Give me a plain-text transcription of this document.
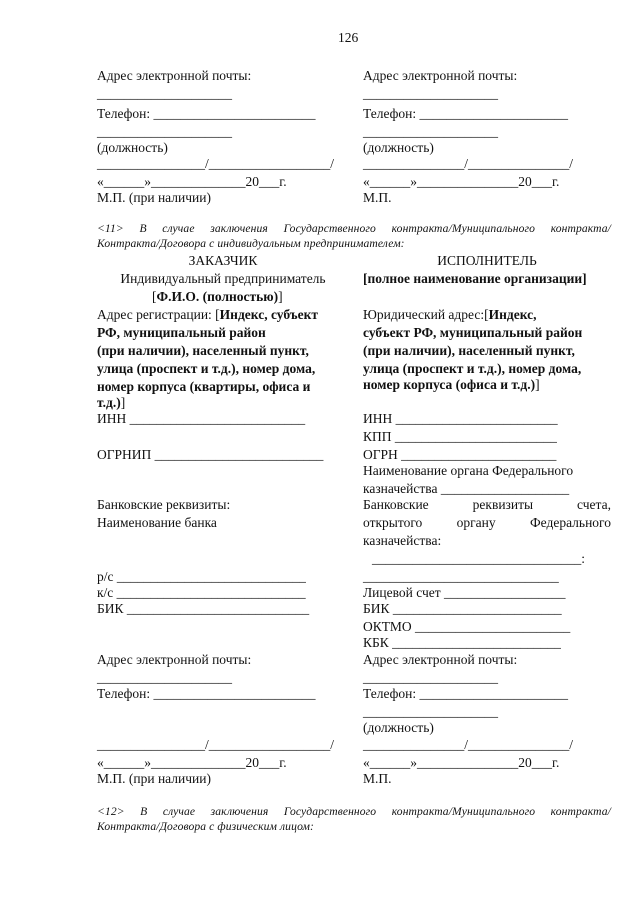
126
Адрес электронной почты:
____________________
Телефон: ________________________
____________________
(должность)
________________/__________________/
«______»______________20___г.
М.П. (при наличии)
Адрес электронной почты:
____________________
Телефон: ______________________
____________________
(должность)
_______________/_______________/
«______»_______________20___г.
М.П.
<11> В случае заключения Государственного контракта/Муниципального контракта/
Контракта/Договора с индивидуальным предпринимателем:
ЗАКАЗЧИК
Индивидуальный предприниматель
[Ф.И.О. (полностью)]
Адрес регистрации: [Индекс, субъект
РФ, муниципальный район
(при наличии), населенный пункт,
улица (проспект и т.д.), номер дома,
номер корпуса (квартиры, офиса и
т.д.)]
ИНН __________________________
ОГРНИП _________________________
Банковские реквизиты:
Наименование банка
р/с ____________________________
к/с ____________________________
БИК ___________________________
Адрес электронной почты:
____________________
Телефон: ________________________
________________/__________________/
«______»______________20___г.
М.П. (при наличии)
ИСПОЛНИТЕЛЬ
[полное наименование организации]
Юридический адрес:[Индекс,
субъект РФ, муниципальный район
(при наличии), населенный пункт,
улица (проспект и т.д.), номер дома,
номер корпуса (офиса и т.д.)]
ИНН ________________________
КПП ________________________
ОГРН _______________________
Наименование органа Федерального
казначейства ___________________
Банковские реквизиты счета,
открытого органу Федерального
казначейства:
_______________________________:
_____________________________
Лицевой счет __________________
БИК _________________________
ОКТМО _______________________
КБК _________________________
Адрес электронной почты:
____________________
Телефон: ______________________
____________________
(должность)
_______________/_______________/
«______»_______________20___г.
М.П.
<12> В случае заключения Государственного контракта/Муниципального контракта/
Контракта/Договора с физическим лицом:
